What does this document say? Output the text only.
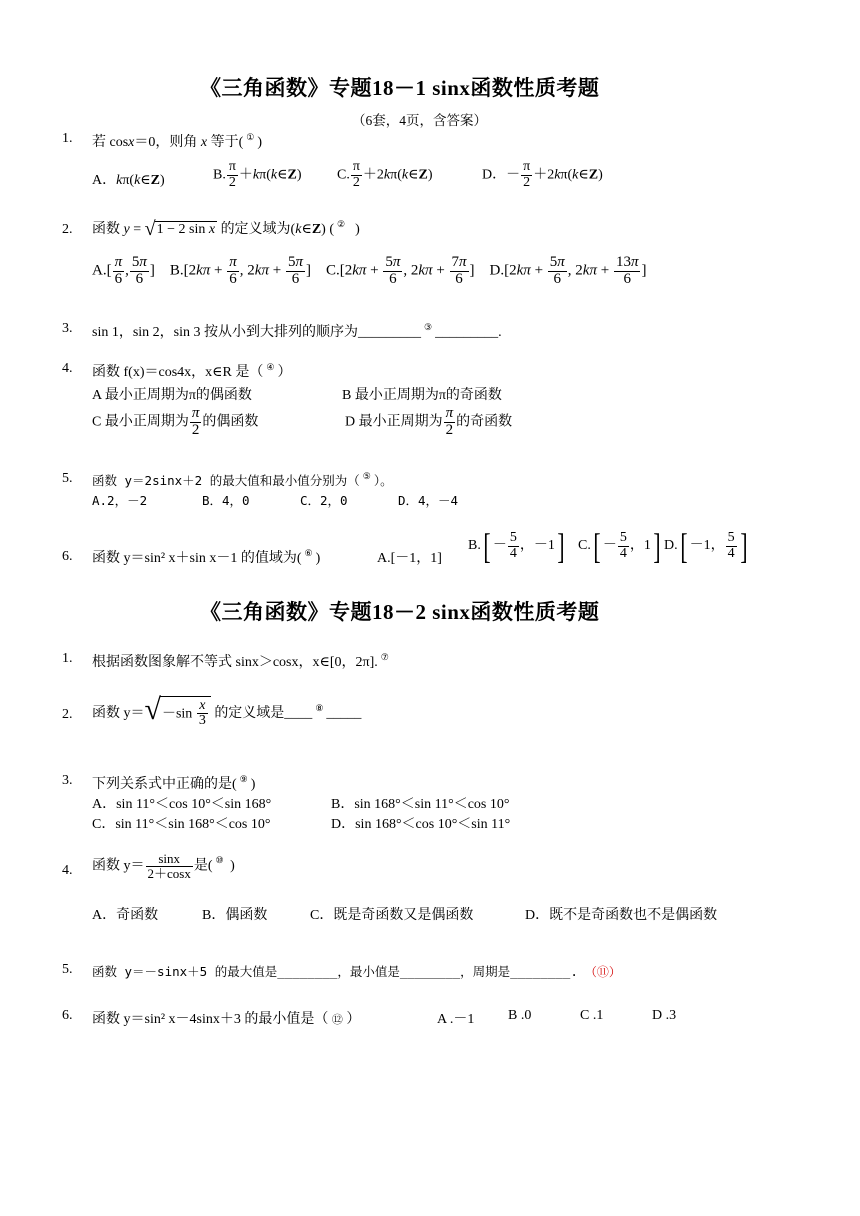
《三角函数》专题18－1 sinx函数性质考题
（6套，4页，含答案）
1. 若 cosx＝0，则角 x 等于( ① )
A．kπ(k∈Z)	B. $\frac{\pi}{2}$ ＋kπ(k∈Z)	C. $\frac{\pi}{2}$ ＋2kπ(k∈Z)	D．－ $\frac{\pi}{2}$ ＋2kπ(k∈Z)
2. 函数 y = √1 − 2 sin x 的定义域为(k∈Z) ( ② )
$A.[ \frac{\pi}{6}$ , $\frac{5\pi}{6}$ ]    $B.[2k\pi + \frac{\pi}{6}$ , $2k\pi + \frac{5\pi}{6}$ ]    $C.[2k\pi + \frac{5\pi}{6}$ , $2k\pi + \frac{7\pi}{6}$ ]    $D.[2k\pi + \frac{5\pi}{6}$ , $2k\pi + \frac{13\pi}{6}$ ]
3. sin 1，sin 2，sin 3 按从小到大排列的顺序为_________ ③ _________.
4. 函数 f(x)＝cos4x，x∈R 是（ ④ ）
A 最小正周期为π的偶函数	B 最小正周期为π的奇函数
C 最小正周期为 $\frac{\pi}{2}$ 的偶函数	D 最小正周期为 $\frac{\pi}{2}$ 的奇函数
5. 函数 y＝2sinx＋2 的最大值和最小值分别为（ ⑤ ）。
A.2，－2	B．4，0	C．2，0	D．4，－4
6. 函数 y＝sin² x＋sin x－1 的值域为( ⑥ )	A.[－1，1]
$B.[ - \frac{5}{4}$ ，－1] $C.[ - \frac{5}{4}$ ，1] D.[ －1， $\frac{5}{4}$ ]
《三角函数》专题18－2 sinx函数性质考题
1. 根据函数图象解不等式 sinx＞cosx，x∈[0，2π]. ⑦
2. 函数 $y=√-\sin \frac{x}{3}$ 的定义域是____ ⑧ _____
3. 下列关系式中正确的是( ⑨ )
A．sin 11°＜cos 10°＜sin 168°	B．sin 168°＜sin 11°＜cos 10°
C．sin 11°＜sin 168°＜cos 10°	D．sin 168°＜cos 10°＜sin 11°
4. 函数 $y= \frac{\sin x}{2+\cos x}$ 是( ⑩ )
A．奇函数	B．偶函数	C．既是奇函数又是偶函数	D．既不是奇函数也不是偶函数
5. 函数 y＝－sinx＋5 的最大值是________，最小值是________，周期是________. （⑪）
6. 函数 y＝sin² x－4sinx＋3 的最小值是（ ⑫ ）	A .－1 B .0	C .1	D .3
